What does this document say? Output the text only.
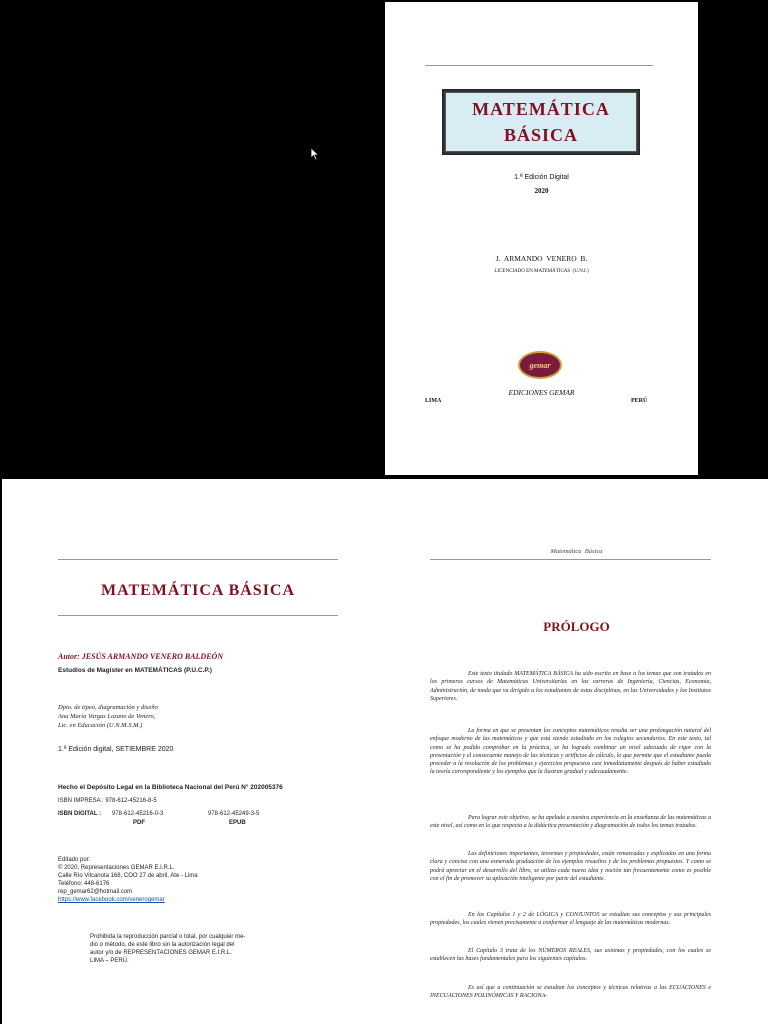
MATEMÁTICA
BÁSICA
1.ª Edición Digital
2020
J.  ARMANDO  VENERO  B.
LICENCIADO EN MATEMÁTICAS  (U.N.I.)
gemar
EDICIONES GEMAR
LIMA	PERÚ
MATEMÁTICA BÁSICA
Autor: JESÚS ARMANDO VENERO BALDEÓN
Estudios de Magíster en MATEMÁTICAS (P.U.C.P.)
Dpto. de tipeo, diagramación y diseño
Ana María Vargas Lozano de Venero,
Lic. en Educación (U.N.M.S.M.)
1.ª Edición digital, SETIEMBRE 2020
Hecho el Depósito Legal en la Biblioteca Nacional del Perú N° 202005376
ISBN IMPRESA : 978-612-45216-8-5
ISBN DIGITAL : 978-612-45216-0-3	978-612-45249-3-5
PDF	EPUB
Editado por:
© 2020, Representaciones GEMAR E.I.R.L.
Calle Río Vilcanota 168, COO 27 de abril, Ate - Lima
Teléfono: 448-6176
rep_gemar62@hotmail.com
https://www.facebook.com/venerogemar
Prohibida la reproducción parcial o total, por cualquier me-
dio o método, de este libro sin la autorización legal del
autor y/o de REPRESENTACIONES GEMAR E.I.R.L.
LIMA – PERÚ.
Matemática  Básica
PRÓLOGO
Este texto titulado MATEMÁTICA BÁSICA ha sido escrito en base a los temas que son tratados en los primeros cursos de Matemáticas Universitarias en las carreras de Ingeniería, Ciencias, Economía, Administración, de modo que va dirigido a los estudiantes de estas disciplinas, en las Universidades y los Institutos Superiores.
La forma en que se presentan los conceptos matemáticos resulta ser una prolongación natural del enfoque moderno de las matemáticas y que está siendo estudiado en los colegios secundarios. En este texto, tal como se ha podido comprobar en la práctica, se ha logrado combinar un nivel adecuado de rigor con la presentación y el consecuente manejo de las técnicas y artificios de cálculo, lo que permite que el estudiante pueda proceder a la resolución de los problemas y ejercicios propuestos casi inmediatamente después de haber estudiado la teoría correspondiente y los ejemplos que la ilustran gradual y adecuadamente.
Para lograr este objetivo, se ha apelado a nuestra experiencia en la enseñanza de las matemáticas a este nivel, así como en lo que respecta a la didáctica presentación y diagramación de todos los temas tratados.
Las definiciones importantes, teoremas y propiedades, están remarcadas y explicadas en una forma clara y concisa con una esmerada graduación de los ejemplos resueltos y de los problemas propuestos. Y como se podrá apreciar en el desarrollo del libro, se utiliza cada nueva idea y noción tan frecuentemente como es posible con el fin de promover su aplicación inteligente por parte del estudiante.
En los Capítulos 1 y 2 de LÓGICA y CONJUNTOS se estudian sus conceptos y sus principales propiedades, los cuales vienen precisamente a conformar el lenguaje de las matemáticas modernas.
El Capítulo 3 trata de los NÚMEROS REALES, sus axiomas y propiedades, con los cuales se establecen las bases fundamentales para los siguientes capítulos.
Es así que a continuación se estudian los conceptos y técnicas relativas a las ECUACIONES e INECUACIONES POLINÓMICAS Y RACIONA-
